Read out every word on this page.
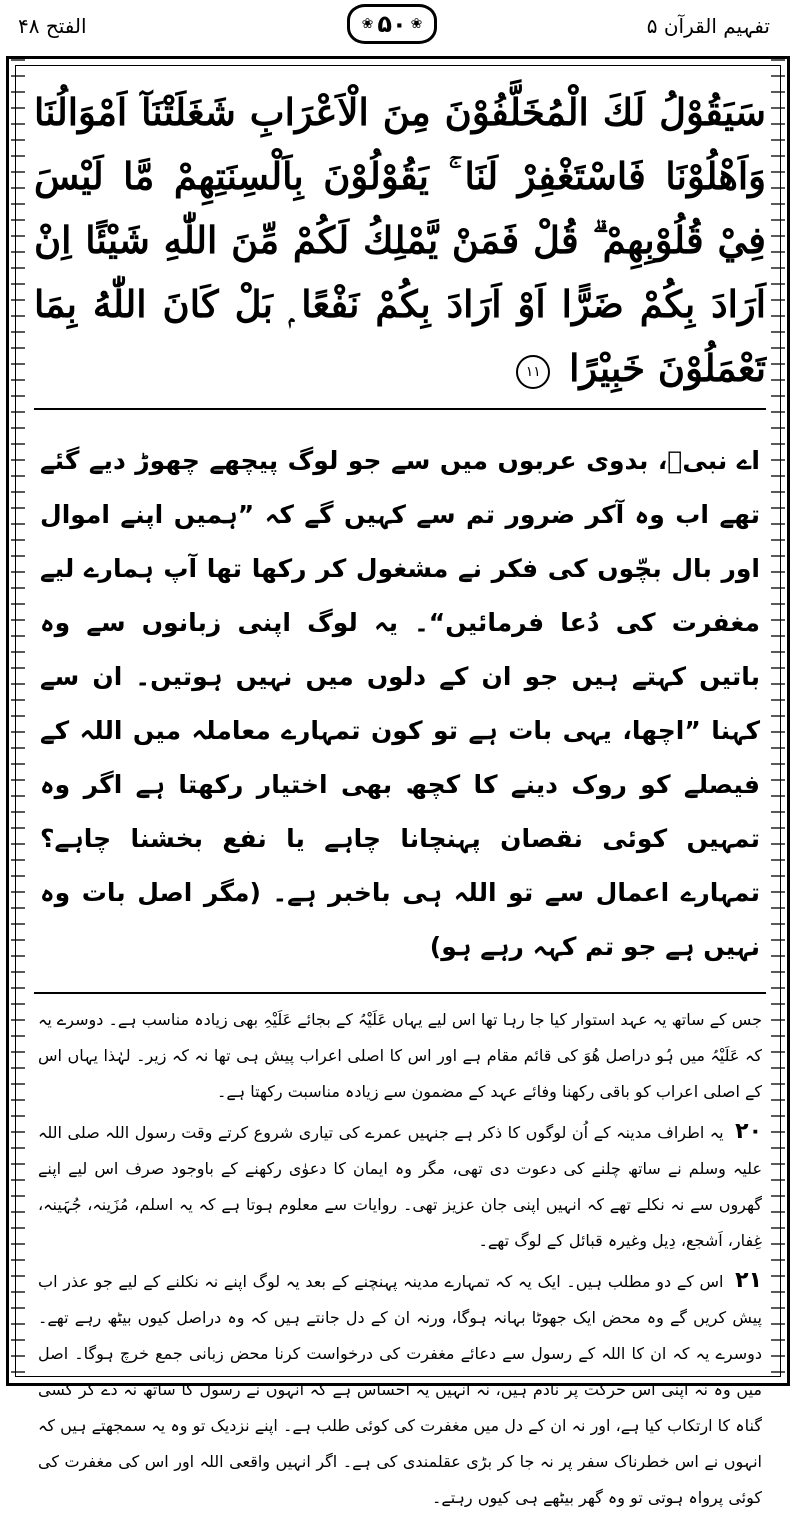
الفتح ۴۸
❀	۵۰
❀	تفہیم القرآن ۵
سَيَقُوْلُ لَكَ الْمُخَلَّفُوْنَ مِنَ الْاَعْرَابِ شَغَلَتْنَآ اَمْوَالُنَا وَاَهْلُوْنَا فَاسْتَغْفِرْ لَنَا ۚ يَقُوْلُوْنَ بِاَلْسِنَتِهِمْ مَّا لَيْسَ فِيْ قُلُوْبِهِمْ ۗ قُلْ فَمَنْ يَّمْلِكُ لَكُمْ مِّنَ اللّٰهِ شَيْئًا اِنْ اَرَادَ بِكُمْ ضَرًّا اَوْ اَرَادَ بِكُمْ نَفْعًا ۭ بَلْ كَانَ اللّٰهُ بِمَا تَعْمَلُوْنَ خَبِيْرًا ۱۱
اے نبیؐ، بدوی عربوں میں سے جو لوگ پیچھے چھوڑ دیے گئے تھے اب وہ آکر ضرور تم سے کہیں گے کہ ”ہمیں اپنے اموال اور بال بچّوں کی فکر نے مشغول کر رکھا تھا آپ ہمارے لیے مغفرت کی دُعا فرمائیں“۔ یہ لوگ اپنی زبانوں سے وہ باتیں کہتے ہیں جو ان کے دلوں میں نہیں ہوتیں۔ ان سے کہنا ”اچھا، یہی بات ہے تو کون تمہارے معاملہ میں اللہ کے فیصلے کو روک دینے کا کچھ بھی اختیار رکھتا ہے اگر وہ تمہیں کوئی نقصان پہنچانا چاہے یا نفع بخشنا چاہے؟ تمہارے اعمال سے تو اللہ ہی باخبر ہے۔ (مگر اصل بات وہ نہیں ہے جو تم کہہ رہے ہو)

جس کے ساتھ یہ عہد استوار کیا جا رہا تھا اس لیے یہاں عَلَیْہُ کے بجائے عَلَیْہِ بھی زیادہ مناسب ہے۔ دوسرے یہ کہ عَلَیْہُ میں ہُو دراصل ھُوَ کی قائم مقام ہے اور اس کا اصلی اعراب پیش ہی تھا نہ کہ زیر۔ لہٰذا یہاں اس کے اصلی اعراب کو باقی رکھنا وفائے عہد کے مضمون سے زیادہ مناسبت رکھتا ہے۔

۲۰ یہ اطراف مدینہ کے اُن لوگوں کا ذکر ہے جنہیں عمرے کی تیاری شروع کرتے وقت رسول اللہ صلی اللہ علیہ وسلم نے ساتھ چلنے کی دعوت دی تھی، مگر وہ ایمان کا دعوٰی رکھنے کے باوجود صرف اس لیے اپنے گھروں سے نہ نکلے تھے کہ انہیں اپنی جان عزیز تھی۔ روایات سے معلوم ہوتا ہے کہ یہ اسلم، مُزَینہ، جُہَینہ، غِفار، اَشجع، دِیل وغیرہ قبائل کے لوگ تھے۔

۲۱ اس کے دو مطلب ہیں۔ ایک یہ کہ تمہارے مدینہ پہنچنے کے بعد یہ لوگ اپنے نہ نکلنے کے لیے جو عذر اب پیش کریں گے وہ محض ایک جھوٹا بہانہ ہوگا، ورنہ ان کے دل جانتے ہیں کہ وہ دراصل کیوں بیٹھ رہے تھے۔ دوسرے یہ کہ ان کا اللہ کے رسول سے دعائے مغفرت کی درخواست کرنا محض زبانی جمع خرچ ہوگا۔ اصل میں وہ نہ اپنی اس حرکت پر نادم ہیں، نہ انہیں یہ احساس ہے کہ انہوں نے رسول کا ساتھ نہ دے کر کسی گناہ کا ارتکاب کیا ہے، اور نہ ان کے دل میں مغفرت کی کوئی طلب ہے۔ اپنے نزدیک تو وہ یہ سمجھتے ہیں کہ انہوں نے اس خطرناک سفر پر نہ جا کر بڑی عقلمندی کی ہے۔ اگر انہیں واقعی اللہ اور اس کی مغفرت کی کوئی پرواہ ہوتی تو وہ گھر بیٹھے ہی کیوں رہتے۔
